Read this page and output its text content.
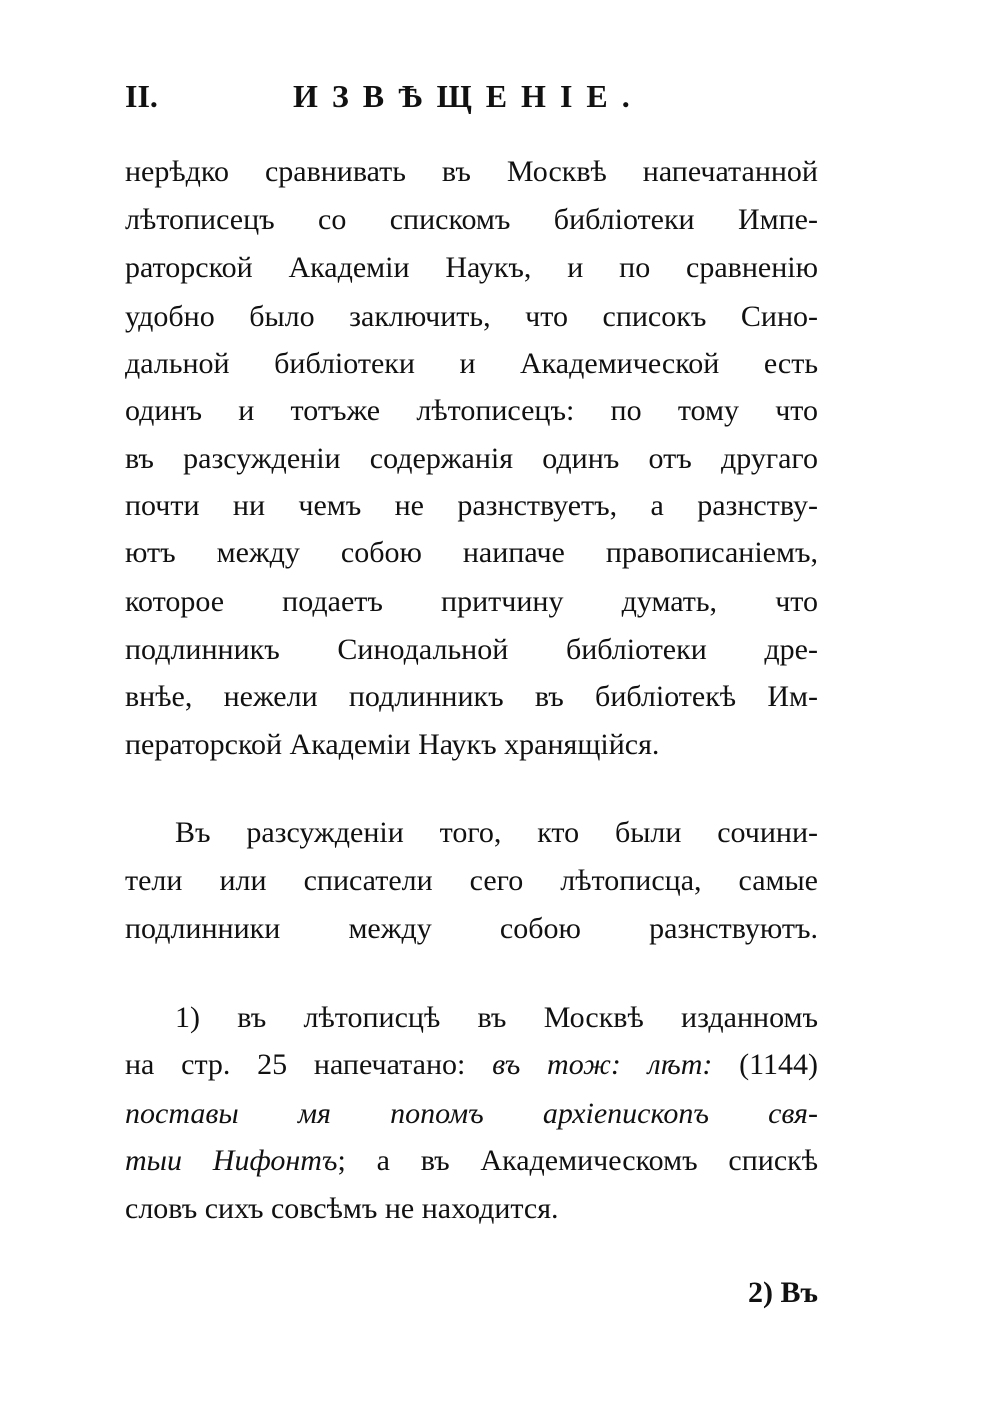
II.	ИЗВѢЩЕНІЕ.
нерѣдко сравнивать въ Москвѣ напечатанной
лѣтописецъ со спискомъ библіотеки Импе-
раторской Академіи Наукъ, и по сравненію
удобно было заключить, что списокъ Сино-
дальной библіотеки и Академической есть
одинъ и тотъже лѣтописецъ: по тому что
въ разсужденіи содержанія одинъ отъ другаго
почти ни чемъ не разнствуетъ, а разнству-
ютъ между собою наипаче правописаніемъ,
которое подаетъ притчину думать, что
подлинникъ Синодальной библіотеки дре-
внѣе, нежели подлинникъ въ библіотекѣ Им-
ператорской Академіи Наукъ хранящійся.
Въ разсужденіи того, кто были сочини-
тели или списатели сего лѣтописца, самые
подлинники между собою разнствуютъ.
1) въ лѣтописцѣ въ Москвѣ изданномъ
на стр. 25 напечатано: въ тож: лѣт: (1144)
поставы мя попомъ архіепископъ свя-
тыи Нифонтъ; а въ Академическомъ спискѣ
словъ сихъ совсѣмъ не находится.
2) Въ
